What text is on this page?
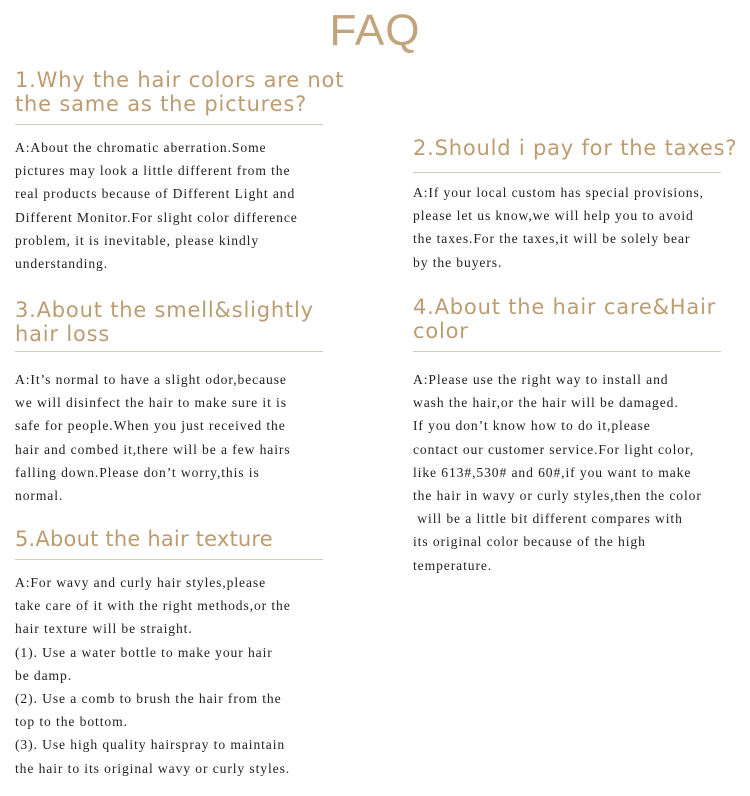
FAQ
1.Why the hair colors are not
the same as the pictures?

A:About the chromatic aberration.Some
pictures may look a little different from the
real products because of Different Light and
Different Monitor.For slight color difference
problem, it is inevitable, please kindly
understanding.

2.Should i pay for the taxes?

A:If your local custom has special provisions,
please let us know,we will help you to avoid
the taxes.For the taxes,it will be solely bear
by the buyers.

3.About the smell&slightly
hair loss

A:It’s normal to have a slight odor,because
we will disinfect the hair to make sure it is
safe for people.When you just received the
hair and combed it,there will be a few hairs
falling down.Please don’t worry,this is
normal.

4.About the hair care&Hair
color

A:Please use the right way to install and
wash the hair,or the hair will be damaged.
If you don’t know how to do it,please
contact our customer service.For light color,
like 613#,530# and 60#,if you want to make
the hair in wavy or curly styles,then the color
will be a little bit different compares with
its original color because of the high
temperature.

5.About the hair texture

A:For wavy and curly hair styles,please
take care of it with the right methods,or the
hair texture will be straight.
(1). Use a water bottle to make your hair
be damp.
(2). Use a comb to brush the hair from the
top to the bottom.
(3). Use high quality hairspray to maintain
the hair to its original wavy or curly styles.
